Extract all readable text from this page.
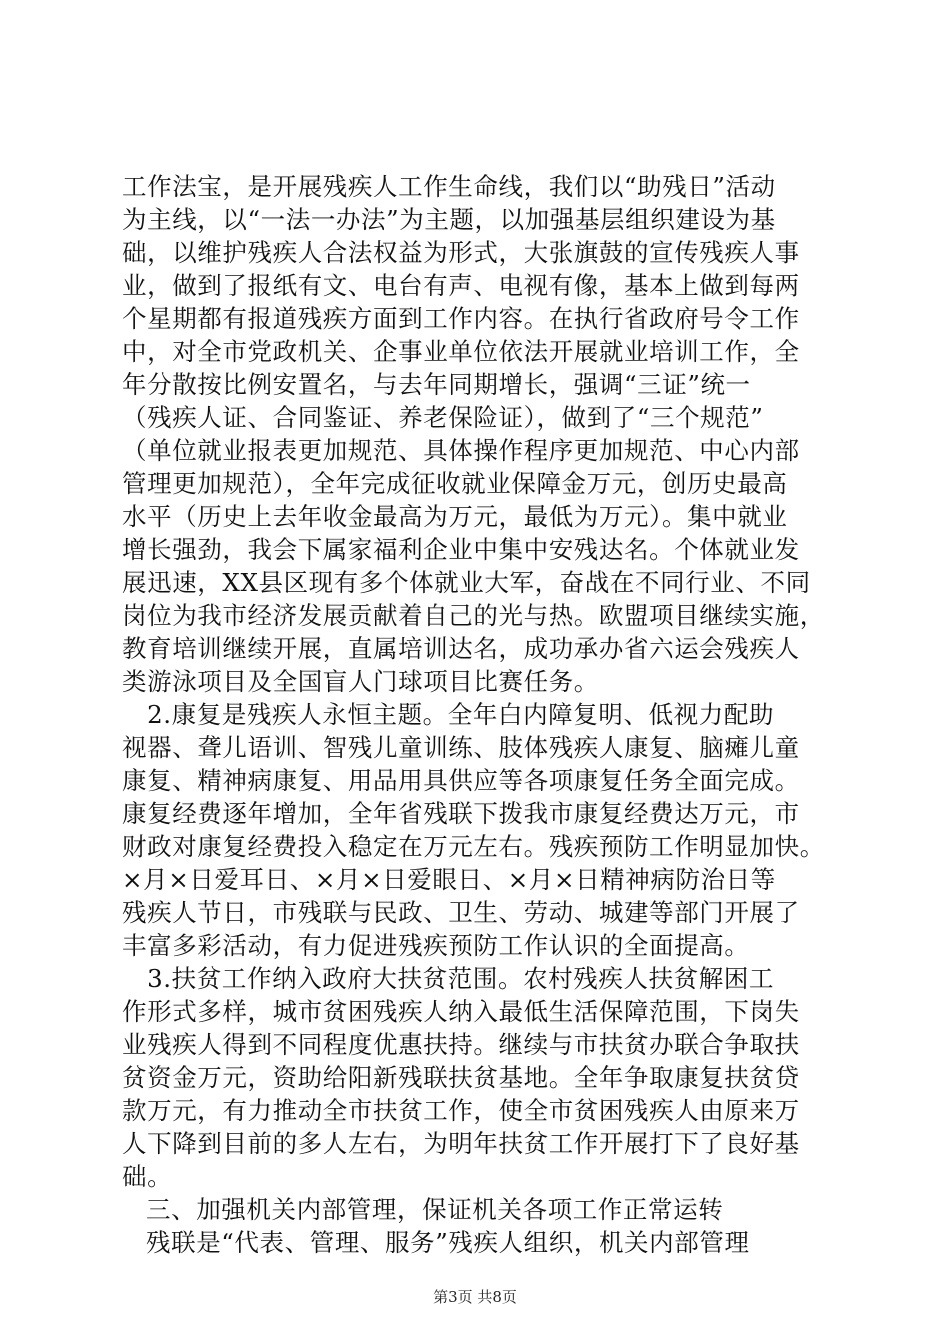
工作法宝，是开展残疾人工作生命线，我们以“助残日”活动
为主线，以“一法一办法”为主题，以加强基层组织建设为基
础，以维护残疾人合法权益为形式，大张旗鼓的宣传残疾人事
业，做到了报纸有文、电台有声、电视有像，基本上做到每两
个星期都有报道残疾方面到工作内容。在执行省政府号令工作
中，对全市党政机关、企事业单位依法开展就业培训工作，全
年分散按比例安置名，与去年同期增长，强调“三证”统一
（残疾人证、合同鉴证、养老保险证），做到了“三个规范”
（单位就业报表更加规范、具体操作程序更加规范、中心内部
管理更加规范），全年完成征收就业保障金万元，创历史最高
水平（历史上去年收金最高为万元，最低为万元）。集中就业
增长强劲，我会下属家福利企业中集中安残达名。个体就业发
展迅速，XX县区现有多个体就业大军，奋战在不同行业、不同
岗位为我市经济发展贡献着自己的光与热。欧盟项目继续实施，
教育培训继续开展，直属培训达名，成功承办省六运会残疾人
类游泳项目及全国盲人门球项目比赛任务。
　2.康复是残疾人永恒主题。全年白内障复明、低视力配助
视器、聋儿语训、智残儿童训练、肢体残疾人康复、脑瘫儿童
康复、精神病康复、用品用具供应等各项康复任务全面完成。
康复经费逐年增加，全年省残联下拨我市康复经费达万元，市
财政对康复经费投入稳定在万元左右。残疾预防工作明显加快。
×月×日爱耳日、×月×日爱眼日、×月×日精神病防治日等
残疾人节日，市残联与民政、卫生、劳动、城建等部门开展了
丰富多彩活动，有力促进残疾预防工作认识的全面提高。
　3.扶贫工作纳入政府大扶贫范围。农村残疾人扶贫解困工
作形式多样，城市贫困残疾人纳入最低生活保障范围，下岗失
业残疾人得到不同程度优惠扶持。继续与市扶贫办联合争取扶
贫资金万元，资助给阳新残联扶贫基地。全年争取康复扶贫贷
款万元，有力推动全市扶贫工作，使全市贫困残疾人由原来万
人下降到目前的多人左右，为明年扶贫工作开展打下了良好基
础。
三、加强机关内部管理，保证机关各项工作正常运转
残联是“代表、管理、服务”残疾人组织，机关内部管理
第3页 共8页
